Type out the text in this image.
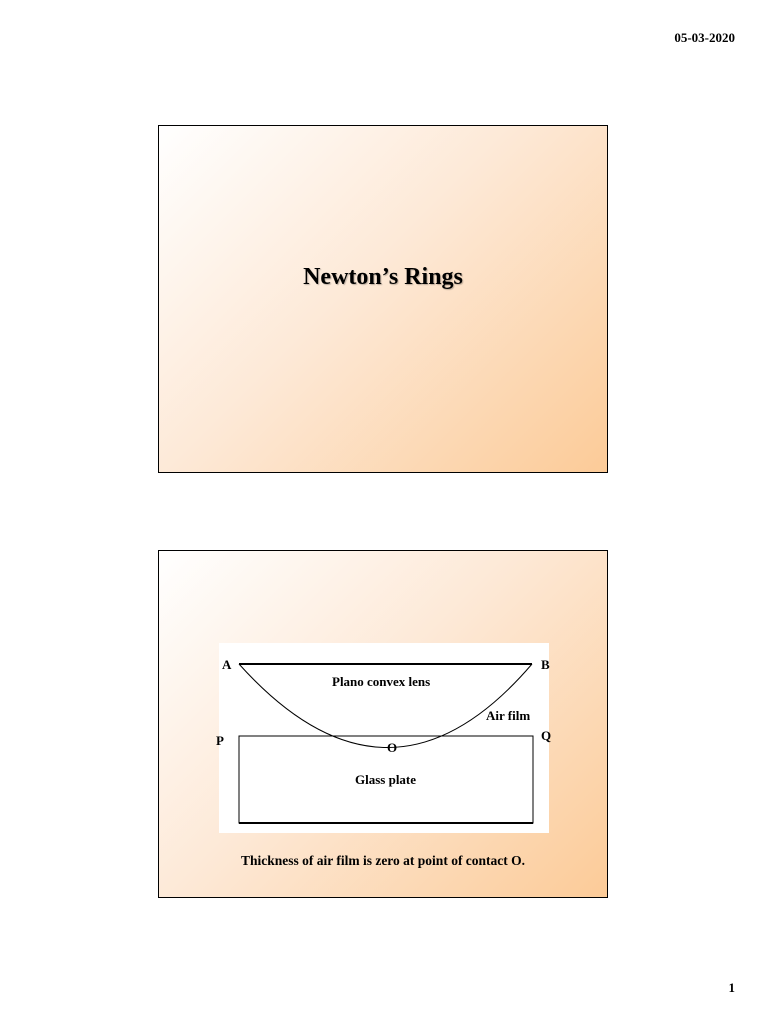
05-03-2020
Newton’s Rings
A	B
Plano convex lens
Air film
P	Q
O
Glass plate
Thickness of air film is zero at point of contact O.
1
